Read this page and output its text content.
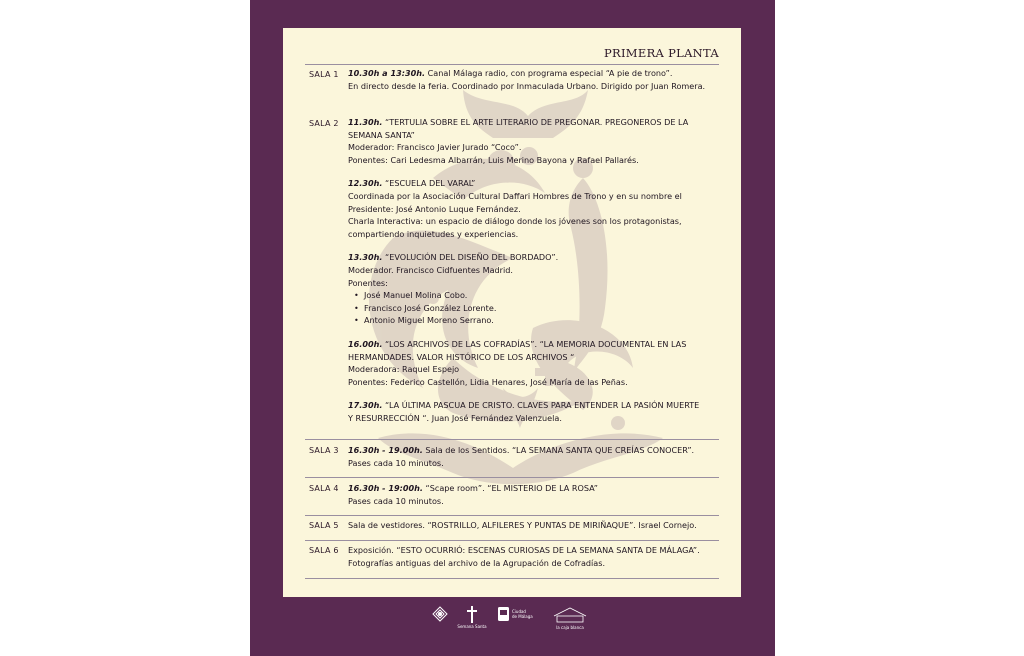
PRIMERA PLANTA
SALA 1
SALA 2
SALA 3
SALA 4
SALA 5
SALA 6

10.30h a 13:30h. Canal Málaga radio, con programa especial “A pie de trono”.

En directo desde la feria. Coordinado por Inmaculada Urbano. Dirigido por Juan Romera.

11.30h. “TERTULIA SOBRE EL ARTE LITERARIO DE PREGONAR. PREGONEROS DE LA

SEMANA SANTA”

Moderador: Francisco Javier Jurado “Coco”.

Ponentes: Cari Ledesma Albarrán, Luis Merino Bayona y Rafael Pallarés.

12.30h. “ESCUELA DEL VARAL”

Coordinada por la Asociación Cultural Daffari Hombres de Trono y en su nombre el

Presidente: José Antonio Luque Fernández.

Charla Interactiva: un espacio de diálogo donde los jóvenes son los protagonistas,

compartiendo inquietudes y experiencias.

13.30h. “EVOLUCIÓN DEL DISEÑO DEL BORDADO”.

Moderador. Francisco Cidfuentes Madrid.

Ponentes:

• José Manuel Molina Cobo.
• Francisco José González Lorente.
• Antonio Miguel Moreno Serrano.

16.00h. “LOS ARCHIVOS DE LAS COFRADÍAS”. “LA MEMORIA DOCUMENTAL EN LAS

HERMANDADES. VALOR HISTÓRICO DE LOS ARCHIVOS “

Moderadora: Raquel Espejo

Ponentes: Federico Castellón, Lidia Henares, José María de las Peñas.

17.30h. “LA ÚLTIMA PASCUA DE CRISTO. CLAVES PARA ENTENDER LA PASIÓN MUERTE

Y RESURRECCIÓN “. Juan José Fernández Valenzuela.

16.30h - 19.00h. Sala de los Sentidos. “LA SEMANA SANTA QUE CREÍAS CONOCER”.

Pases cada 10 minutos.

16.30h - 19:00h. “Scape room”. “EL MISTERIO DE LA ROSA”

Pases cada 10 minutos.

Sala de vestidores. “ROSTRILLO, ALFILERES Y PUNTAS DE MIRIÑAQUE”. Israel Cornejo.

Exposición. “ESTO OCURRIÓ: ESCENAS CURIOSAS DE LA SEMANA SANTA DE MÁLAGA”.

Fotografías antiguas del archivo de la Agrupación de Cofradías.

Semana Santa
Ciudad
de Málaga
la caja blanca
